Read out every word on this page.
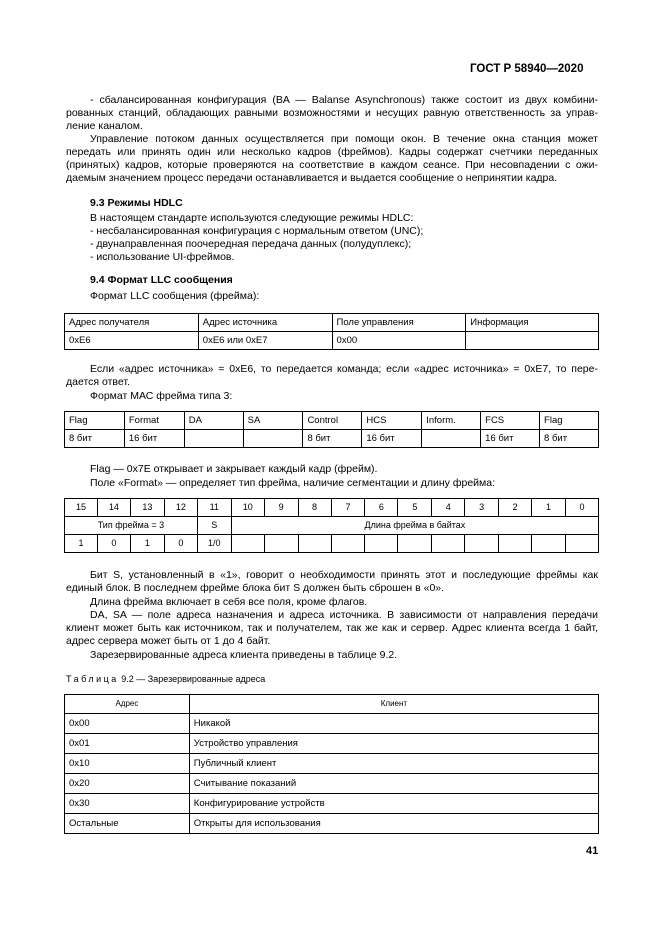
ГОСТ Р 58940—2020

- сбалансированная конфигурация (BA — Balanse Asynchronous) также состоит из двух комбинированных станций, обладающих равными возможностями и несущих равную ответственность за управление каналом.

Управление потоком данных осуществляется при помощи окон. В течение окна станция может передать или принять один или несколько кадров (фреймов). Кадры содержат счетчики переданных (принятых) кадров, которые проверяются на соответствие в каждом сеансе. При несовпадении с ожидаемым значением процесс передачи останавливается и выдается сообщение о непринятии кадра.

9.3 Режимы HDLC

В настоящем стандарте используются следующие режимы HDLC:

- несбалансированная конфигурация с нормальным ответом (UNC);

- двунаправленная поочередная передача данных (полудуплекс);

- использование UI-фреймов.

9.4 Формат LLC сообщения

Формат LLC сообщения (фрейма):

Адрес получателя	Адрес источника	Поле управления	Информация
0xE6	0xE6 или 0xE7	0x00	

Если «адрес источника» = 0xE6, то передается команда; если «адрес источника» = 0xE7, то передается ответ.

Формат МАС фрейма типа 3:

Flag	Format	DA	SA	Control	HCS	Inform.	FCS	Flag
8 бит	16 бит			8 бит	16 бит		16 бит	8 бит

Flag — 0x7E открывает и закрывает каждый кадр (фрейм).

Поле «Format» — определяет тип фрейма, наличие сегментации и длину фрейма:

15	14	13	12	11	10	9	8	7	6	5	4	3	2	1	0
Тип фрейма = 3				S	Длина фрейма в байтах										
1	0	1	0	1/0											

Бит S, установленный в «1», говорит о необходимости принять этот и последующие фреймы как единый блок. В последнем фрейме блока бит S должен быть сброшен в «0».

Длина фрейма включает в себя все поля, кроме флагов.

DA, SA — поле адреса назначения и адреса источника. В зависимости от направления передачи клиент может быть как источником, так и получателем, так же как и сервер. Адрес клиента всегда 1 байт, адрес сервера может быть от 1 до 4 байт.

Зарезервированные адреса клиента приведены в таблице 9.2.

Таблица 9.2 — Зарезервированные адреса
Адрес	Клиент
0x00	Никакой
0x01	Устройство управления
0x10	Публичный клиент
0x20	Считывание показаний
0x30	Конфигурирование устройств
Остальные	Открыты для использования
41
